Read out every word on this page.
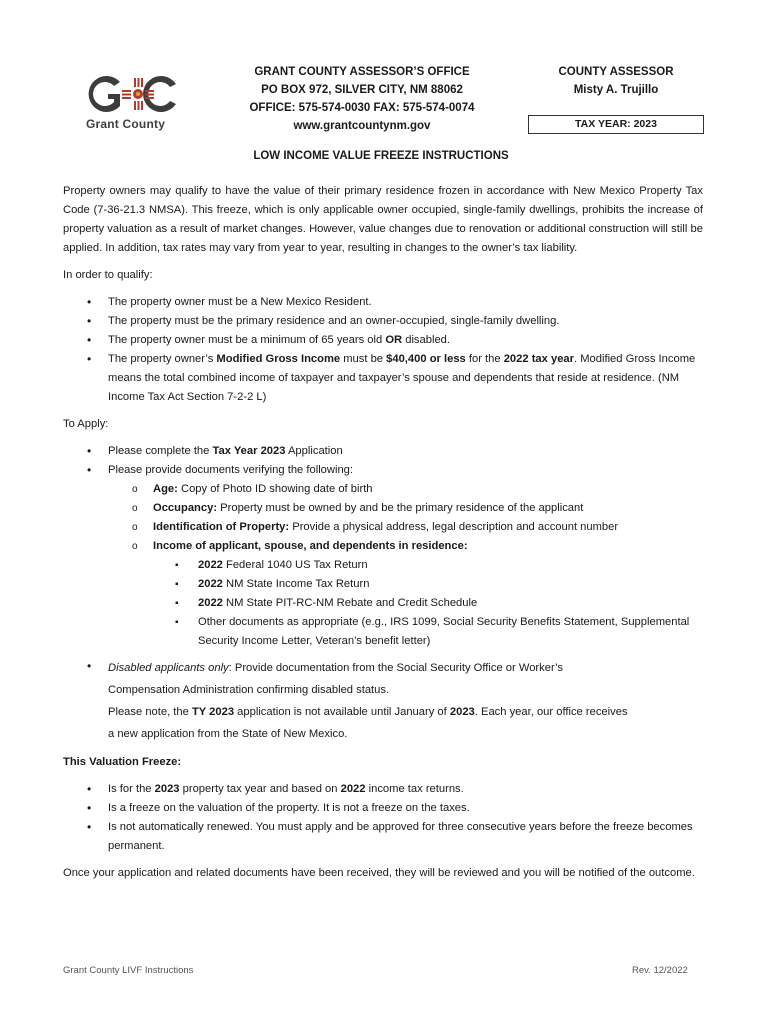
Grant County
GRANT COUNTY ASSESSOR’S OFFICE
PO BOX 972, SILVER CITY, NM 88062
OFFICE: 575-574-0030 FAX: 575-574-0074
www.grantcountynm.gov
COUNTY ASSESSOR
Misty A. Trujillo
TAX YEAR: 2023
LOW INCOME VALUE FREEZE INSTRUCTIONS

Property owners may qualify to have the value of their primary residence frozen in accordance with New Mexico Property Tax Code (7-36-21.3 NMSA). This freeze, which is only applicable owner occupied, single-family dwellings, prohibits the increase of property valuation as a result of market changes. However, value changes due to renovation or additional construction will still be applied. In addition, tax rates may vary from year to year, resulting in changes to the owner’s tax liability.

In order to qualify:

• The property owner must be a New Mexico Resident.
• The property must be the primary residence and an owner-occupied, single-family dwelling.
• The property owner must be a minimum of 65 years old OR disabled.
• The property owner’s Modified Gross Income must be $40,400 or less for the 2022 tax year. Modified Gross Income means the total combined income of taxpayer and taxpayer’s spouse and dependents that reside at residence. (NM Income Tax Act Section 7-2-2 L)

To Apply:

• Please complete the Tax Year 2023 Application
• Please provide documents verifying the following:
o Age: Copy of Photo ID showing date of birth
o Occupancy: Property must be owned by and be the primary residence of the applicant
o Identification of Property: Provide a physical address, legal description and account number
o Income of applicant, spouse, and dependents in residence:
▪ 2022 Federal 1040 US Tax Return
▪ 2022 NM State Income Tax Return
▪ 2022 NM State PIT-RC-NM Rebate and Credit Schedule
▪ Other documents as appropriate (e.g., IRS 1099, Social Security Benefits Statement, Supplemental Security Income Letter, Veteran’s benefit letter)
• Disabled applicants only: Provide documentation from the Social Security Office or Worker’s
Compensation Administration confirming disabled status.
Please note, the TY 2023 application is not available until January of 2023. Each year, our office receives
a new application from the State of New Mexico.

This Valuation Freeze:

• Is for the 2023 property tax year and based on 2022 income tax returns.
• Is a freeze on the valuation of the property. It is not a freeze on the taxes.
• Is not automatically renewed. You must apply and be approved for three consecutive years before the freeze becomes permanent.

Once your application and related documents have been received, they will be reviewed and you will be notified of the outcome.

Grant County LIVF Instructions	Rev. 12/2022
